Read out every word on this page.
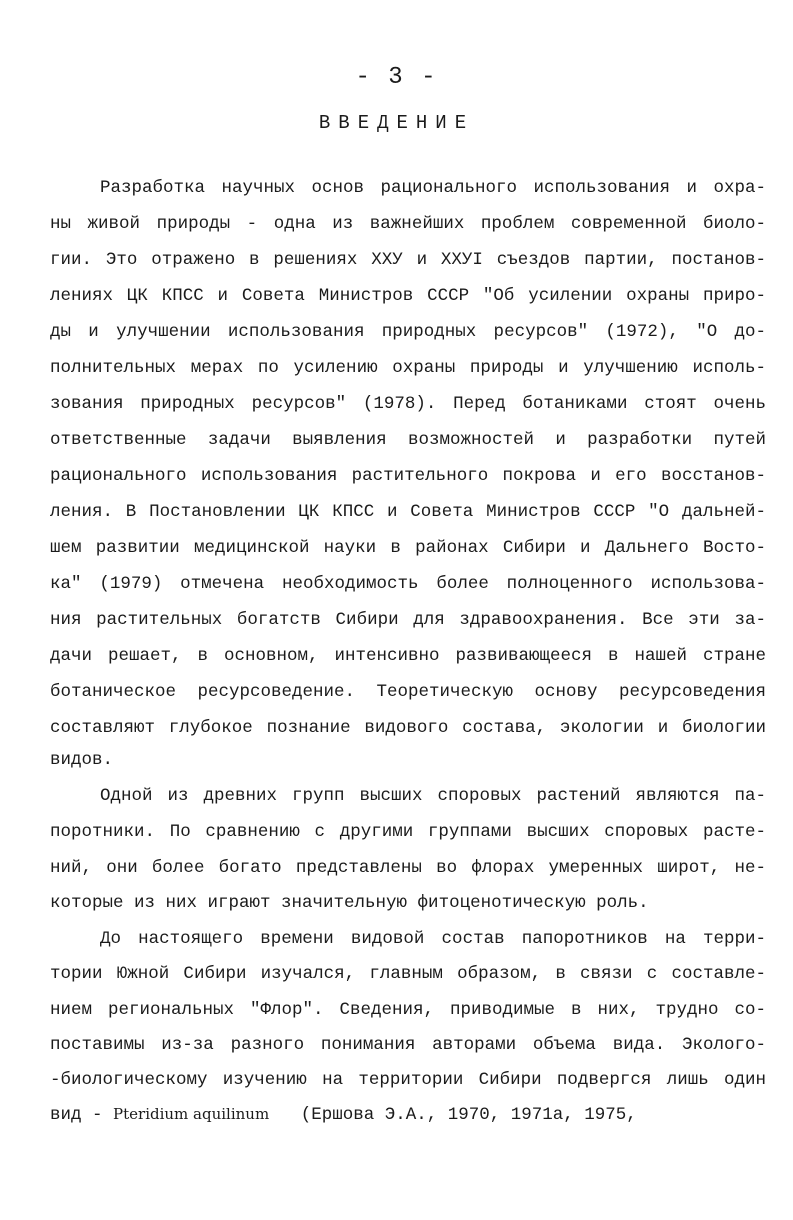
- 3 -
ВВЕДЕНИЕ
Разработка научных основ рационального использования и охра-
ны живой природы - одна из важнейших проблем современной биоло-
гии. Это отражено в решениях ХХУ и ХХУI съездов партии, постанов-
лениях ЦК КПСС и Совета Министров СССР "Об усилении охраны приро-
ды и улучшении использования природных ресурсов" (1972), "О до-
полнительных мерах по усилению охраны природы и улучшению исполь-
зования природных ресурсов" (1978). Перед ботаниками стоят очень
ответственные задачи выявления возможностей и разработки путей
рационального использования растительного покрова и его восстанов-
ления. В Постановлении ЦК КПСС и Совета Министров СССР "О дальней-
шем развитии медицинской науки в районах Сибири и Дальнего Восто-
ка" (1979) отмечена необходимость более полноценного использова-
ния растительных богатств Сибири для здравоохранения. Все эти за-
дачи решает, в основном, интенсивно развивающееся в нашей стране
ботаническое ресурсоведение. Теоретическую основу ресурсоведения
составляют глубокое познание видового состава, экологии и биологии
видов.
Одной из древних групп высших споровых растений являются па-
поротники. По сравнению с другими группами высших споровых расте-
ний, они более богато представлены во флорах умеренных широт, не-
которые из них играют значительную фитоценотическую роль.
До настоящего времени видовой состав папоротников на терри-
тории Южной Сибири изучался, главным образом, в связи с составле-
нием региональных "Флор". Сведения, приводимые в них, трудно со-
поставимы из-за разного понимания авторами объема вида. Эколого-
-биологическому изучению на территории Сибири подвергся лишь один
вид - Pteridium aquilinum (Ершова Э.А., 1970, 1971а, 1975,
